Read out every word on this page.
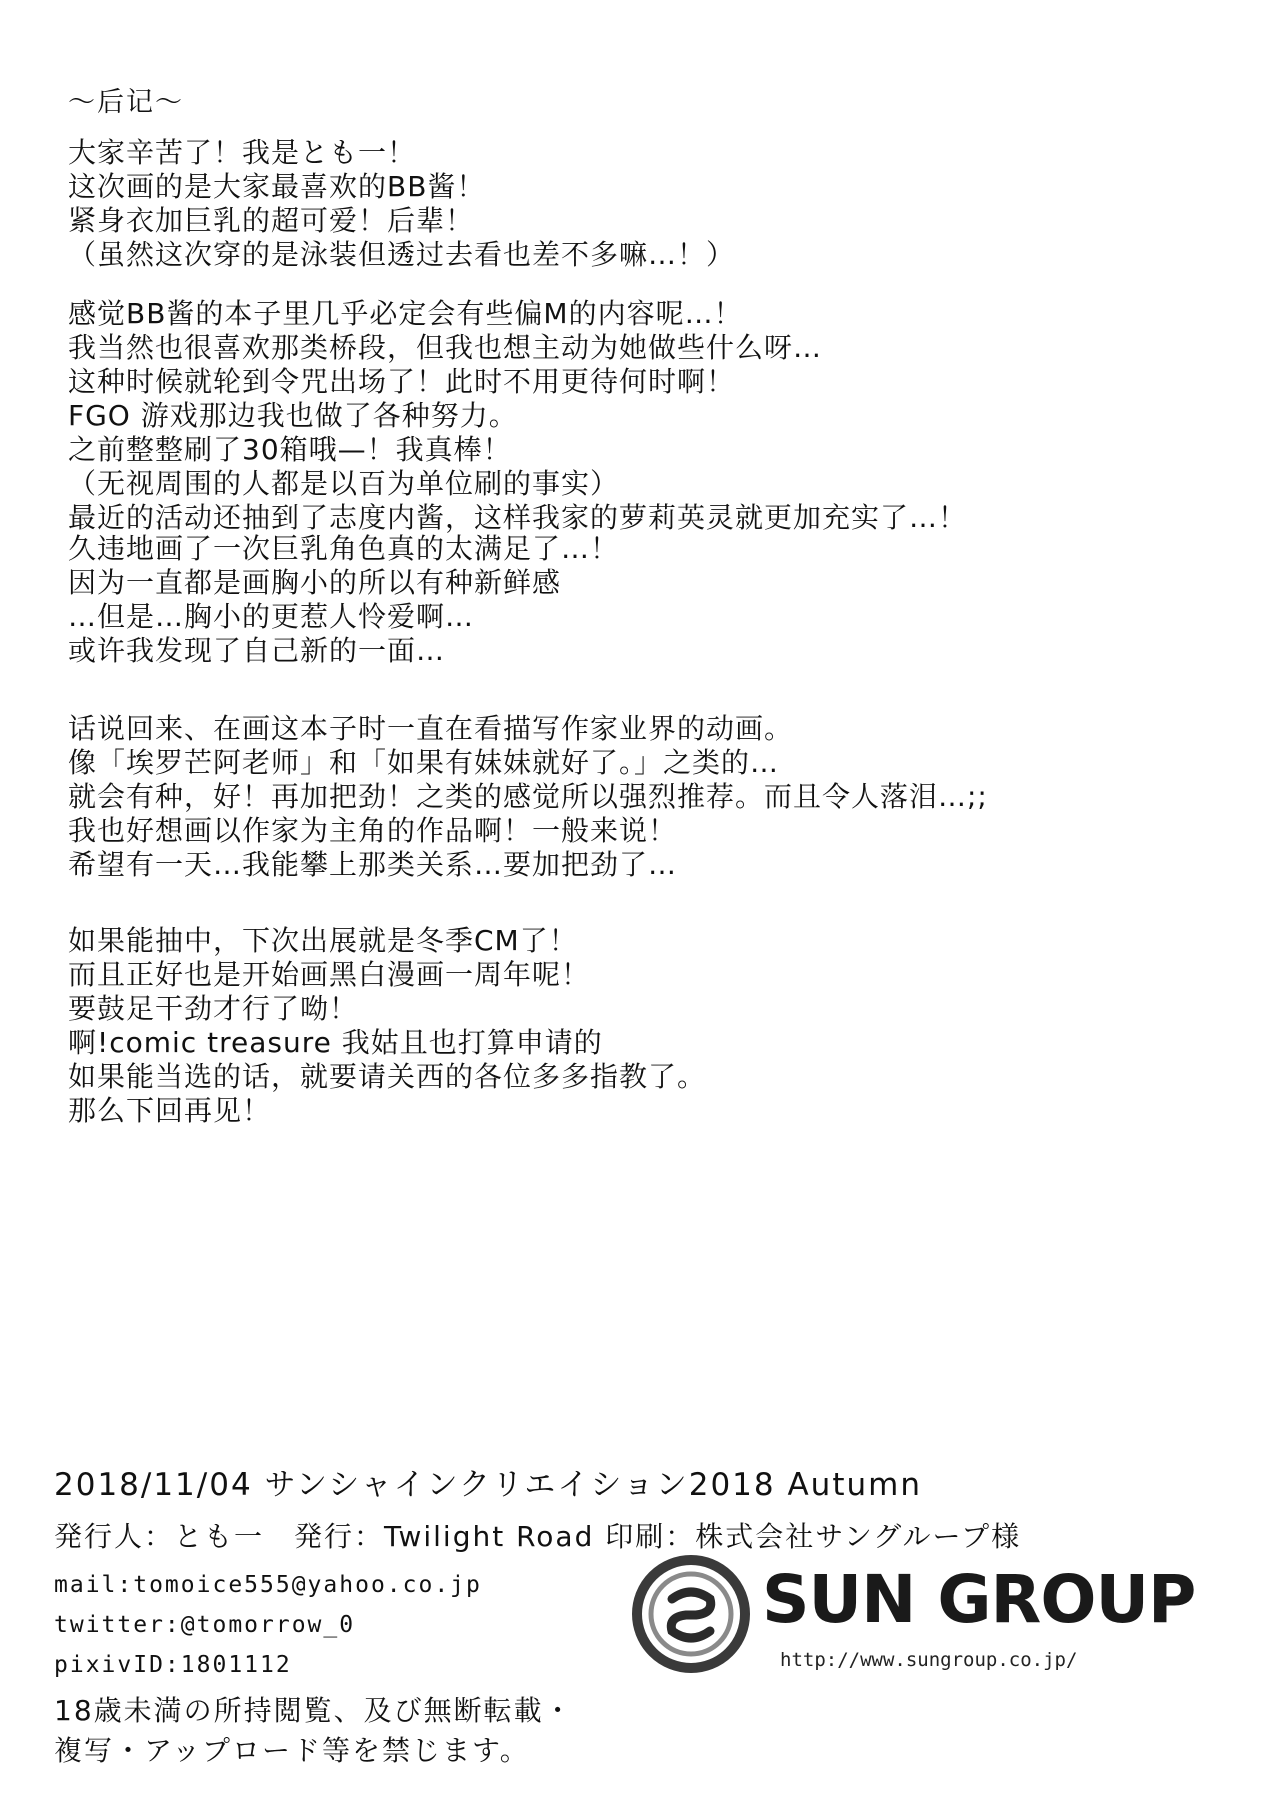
～后记～
大家辛苦了！我是とも一！
这次画的是大家最喜欢的BB酱！
紧身衣加巨乳的超可爱！后辈！
（虽然这次穿的是泳装但透过去看也差不多嘛…！）
感觉BB酱的本子里几乎必定会有些偏M的内容呢…！
我当然也很喜欢那类桥段，但我也想主动为她做些什么呀…
这种时候就轮到令咒出场了！此时不用更待何时啊！
FGO 游戏那边我也做了各种努力。
之前整整刷了30箱哦—！我真棒！
（无视周围的人都是以百为单位刷的事实）
最近的活动还抽到了志度内酱，这样我家的萝莉英灵就更加充实了…！
久违地画了一次巨乳角色真的太满足了…！
因为一直都是画胸小的所以有种新鲜感
…但是…胸小的更惹人怜爱啊…
或许我发现了自己新的一面…
话说回来、在画这本子时一直在看描写作家业界的动画。
像「埃罗芒阿老师」和「如果有妹妹就好了。」之类的…
就会有种，好！再加把劲！之类的感觉所以强烈推荐。而且令人落泪…;;
我也好想画以作家为主角的作品啊！一般来说！
希望有一天…我能攀上那类关系…要加把劲了…
如果能抽中，下次出展就是冬季CM了！
而且正好也是开始画黑白漫画一周年呢！
要鼓足干劲才行了呦！
啊!comic treasure 我姑且也打算申请的
如果能当选的话，就要请关西的各位多多指教了。
那么下回再见！
2018/11/04 サンシャインクリエイション2018 Autumn
発行人：とも一　発行：Twilight Road 印刷：株式会社サングループ様
mail:tomoice555@yahoo.co.jp
twitter:@tomorrow_0
pixivID:1801112
18歳未満の所持閲覧、及び無断転載・
複写・アップロード等を禁じます。
SUN GROUP
http://www.sungroup.co.jp/
